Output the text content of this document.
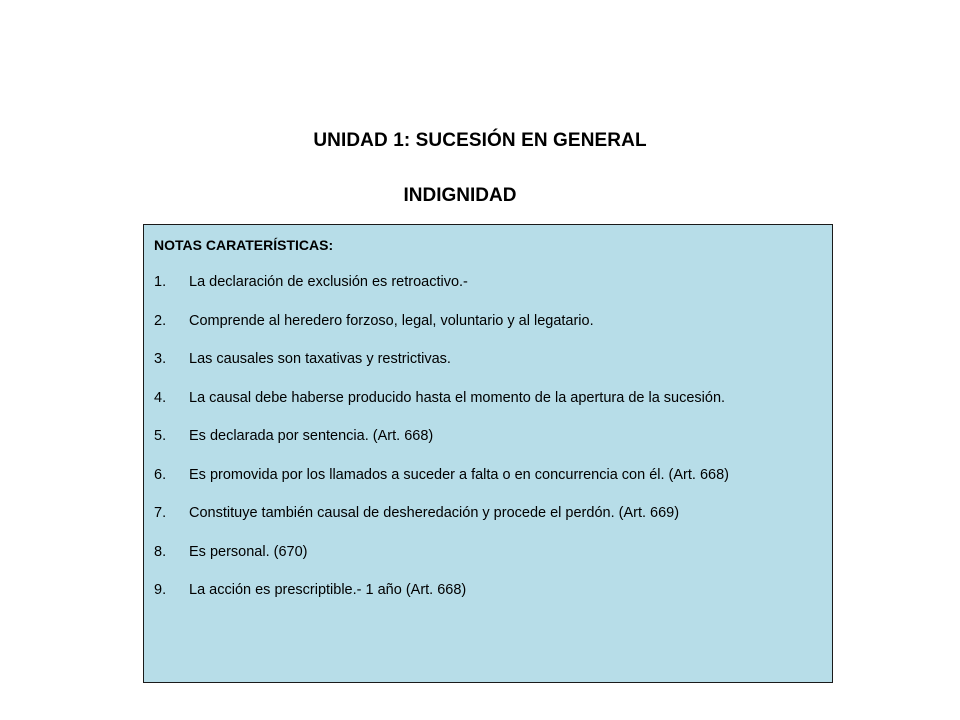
UNIDAD 1: SUCESIÓN EN GENERAL
INDIGNIDAD
NOTAS CARATERÍSTICAS:
1.	La declaración de exclusión es retroactivo.-
2.	Comprende al heredero forzoso, legal, voluntario y al legatario.
3.	Las causales son taxativas y restrictivas.
4.	La causal debe haberse producido hasta el momento de la apertura de la sucesión.
5.	Es declarada por sentencia. (Art. 668)
6.	Es promovida por los llamados a suceder a falta o en concurrencia con él. (Art. 668)
7.	Constituye también causal de desheredación y procede el perdón. (Art. 669)
8.	Es personal. (670)
9.	La acción es prescriptible.- 1 año (Art. 668)
